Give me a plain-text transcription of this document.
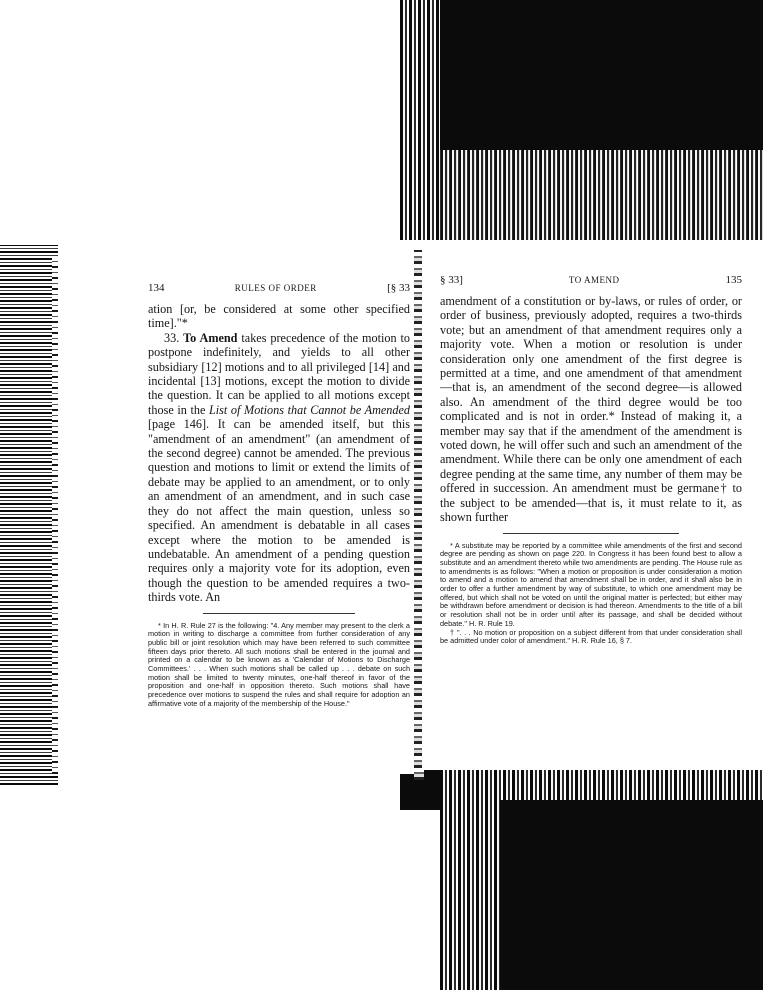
134	RULES OF ORDER	[§ 33

ation [or, be considered at some other specified time]."*

33. To Amend takes precedence of the motion to postpone indefinitely, and yields to all other subsidiary [12] motions and to all privileged [14] and incidental [13] motions, except the motion to divide the question. It can be applied to all motions except those in the List of Motions that Cannot be Amended [page 146]. It can be amended itself, but this "amendment of an amendment" (an amendment of the second degree) cannot be amended. The previous question and motions to limit or extend the limits of debate may be applied to an amendment, or to only an amendment of an amendment, and in such case they do not affect the main question, unless so specified. An amendment is debatable in all cases except where the motion to be amended is undebatable. An amendment of a pending question requires only a majority vote for its adoption, even though the question to be amended requires a two-thirds vote. An

* In H. R. Rule 27 is the following: "4. Any member may present to the clerk a motion in writing to discharge a committee from further consideration of any public bill or joint resolution which may have been referred to such committee fifteen days prior thereto. All such motions shall be entered in the journal and printed on a calendar to be known as a 'Calendar of Motions to Discharge Committees.' . . . When such motions shall be called up . . . debate on such motion shall be limited to twenty minutes, one-half thereof in favor of the proposition and one-half in opposition thereto. Such motions shall have precedence over motions to suspend the rules and shall require for adoption an affirmative vote of a majority of the membership of the House."

§ 33]	TO AMEND	135

amendment of a constitution or by-laws, or rules of order, or order of business, previously adopted, requires a two-thirds vote; but an amendment of that amendment requires only a majority vote. When a motion or resolution is under consideration only one amendment of the first degree is permitted at a time, and one amendment of that amendment—that is, an amendment of the second degree—is allowed also. An amendment of the third degree would be too complicated and is not in order.* Instead of making it, a member may say that if the amendment of the amendment is voted down, he will offer such and such an amendment of the amendment. While there can be only one amendment of each degree pending at the same time, any number of them may be offered in succession. An amendment must be germane† to the subject to be amended—that is, it must relate to it, as shown further

* A substitute may be reported by a committee while amendments of the first and second degree are pending as shown on page 220. In Congress it has been found best to allow a substitute and an amendment thereto while two amendments are pending. The House rule as to amendments is as follows: "When a motion or proposition is under consideration a motion to amend and a motion to amend that amendment shall be in order, and it shall also be in order to offer a further amendment by way of substitute, to which one amendment may be offered, but which shall not be voted on until the original matter is perfected; but either may be withdrawn before amendment or decision is had thereon. Amendments to the title of a bill or resolution shall not be in order until after its passage, and shall be decided without debate." H. R. Rule 19.

† ". . . No motion or proposition on a subject different from that under consideration shall be admitted under color of amendment." H. R. Rule 16, § 7.
